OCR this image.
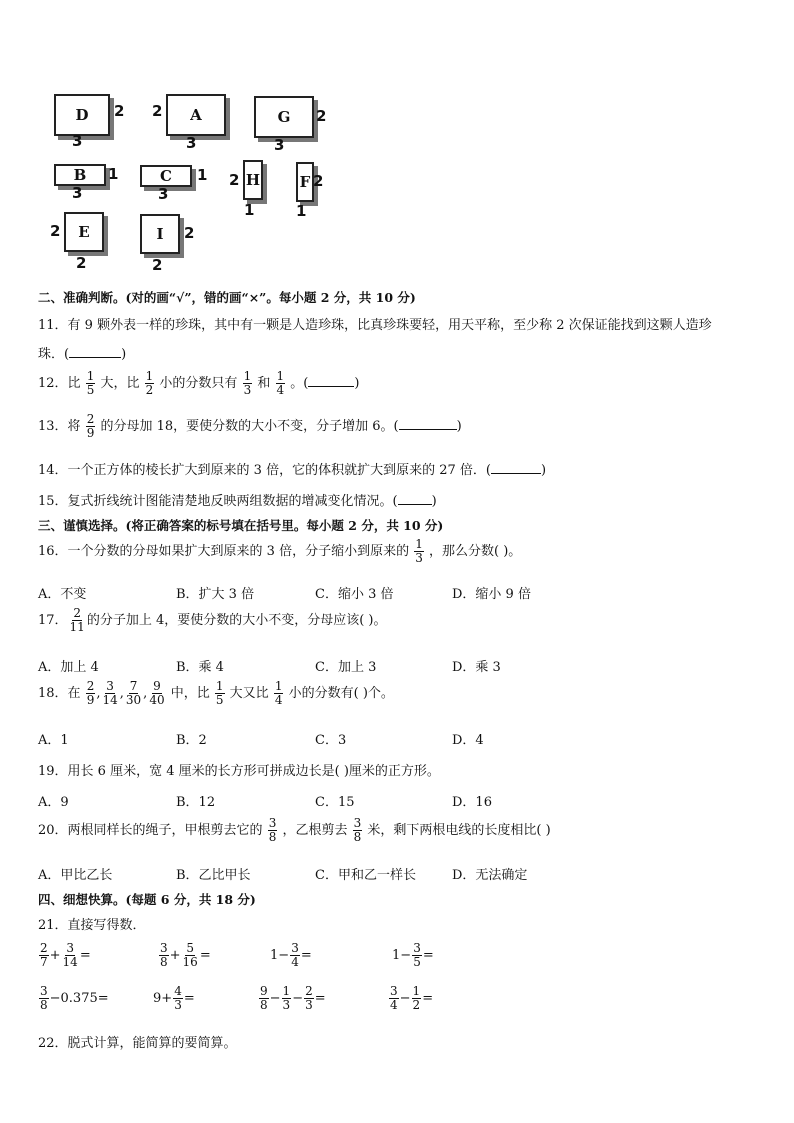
D 2
3
A
2
3
G 2
3
B 1
3
C 1
3
H
2
1
F 2
1
E
2
2
I 2
2
二、准确判断。(对的画“√”，错的画“×”。每小题 2 分，共 10 分)
11．有 9 颗外表一样的珍珠，其中有一颗是人造珍珠，比真珍珠要轻，用天平称，至少称 2 次保证能找到这颗人造珍
珠．(	)
12．比 $\frac{1}{5}$ 大，比 $\frac{1}{2}$ 小的分数只有 $\frac{1}{3}$ 和 $\frac{1}{4}$ 。(	)
13．将 $\frac{2}{9}$ 的分母加 18，要使分数的大小不变，分子增加 6。(	)
14．一个正方体的棱长扩大到原来的 3 倍，它的体积就扩大到原来的 27 倍．(	)
15．复式折线统计图能清楚地反映两组数据的增减变化情况。(	)
三、谨慎选择。(将正确答案的标号填在括号里。每小题 2 分，共 10 分)
16．一个分数的分母如果扩大到原来的 3 倍，分子缩小到原来的 $\frac{1}{3}$ ，那么分数( )。
A．不变	B．扩大 3 倍	C．缩小 3 倍	D．缩小 9 倍
17． $\frac{2}{11}$ 的分子加上 4，要使分数的大小不变，分母应该( )。
A．加上 4	B．乘 4	C．加上 3	D．乘 3
18．在 $\frac{2}{9}$ , $\frac{3}{14}$ , $\frac{7}{30}$ , $\frac{9}{40}$ 中，比 $\frac{1}{5}$ 大又比 $\frac{1}{4}$ 小的分数有( )个。
A．1	B．2	C．3	D．4
19．用长 6 厘米，宽 4 厘米的长方形可拼成边长是( )厘米的正方形。
A．9	B．12	C．15	D．16
20．两根同样长的绳子，甲根剪去它的 $\frac{3}{8}$ ，乙根剪去 $\frac{3}{8}$ 米，剩下两根电线的长度相比( )
A．甲比乙长	B．乙比甲长	C．甲和乙一样长	D．无法确定
四、细想快算。(每题 6 分，共 18 分)
21．直接写得数．
$\frac{2}{7} + \frac{3}{14}$ =	$\frac{3}{8} + \frac{5}{16}$ =	$1- \frac{3}{4}$ =	$1- \frac{3}{5}$ =
$\frac{3}{8} -0.375=$	$9+ \frac{4}{3}$ =	$\frac{9}{8} - \frac{1}{3} - \frac{2}{3}$ =	$\frac{3}{4} - \frac{1}{2}$ =
22．脱式计算，能简算的要简算。
